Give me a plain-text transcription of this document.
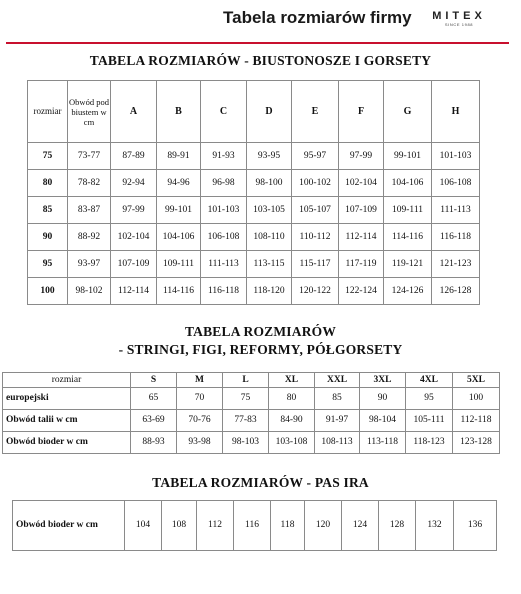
Tabela rozmiarów firmy	MITEX
SINCE 1988
TABELA ROZMIARÓW - BIUSTONOSZE I GORSETY
rozmiar	Obwód pod biustem w cm	A	B	C	D	E	F	G	H
75	73-77	87-89	89-91	91-93	93-95	95-97	97-99	99-101	101-103
80	78-82	92-94	94-96	96-98	98-100	100-102	102-104	104-106	106-108
85	83-87	97-99	99-101	101-103	103-105	105-107	107-109	109-111	111-113
90	88-92	102-104	104-106	106-108	108-110	110-112	112-114	114-116	116-118
95	93-97	107-109	109-111	111-113	113-115	115-117	117-119	119-121	121-123
100	98-102	112-114	114-116	116-118	118-120	120-122	122-124	124-126	126-128
TABELA ROZMIARÓW
- STRINGI, FIGI, REFORMY, PÓŁGORSETY
rozmiar	S	M	L	XL	XXL	3XL	4XL	5XL
europejski	65	70	75	80	85	90	95	100
Obwód talii w cm	63-69	70-76	77-83	84-90	91-97	98-104	105-111	112-118
Obwód bioder w cm	88-93	93-98	98-103	103-108	108-113	113-118	118-123	123-128
TABELA ROZMIARÓW - PAS IRA
Obwód bioder w cm	104	108	112	116	118	120	124	128	132	136
